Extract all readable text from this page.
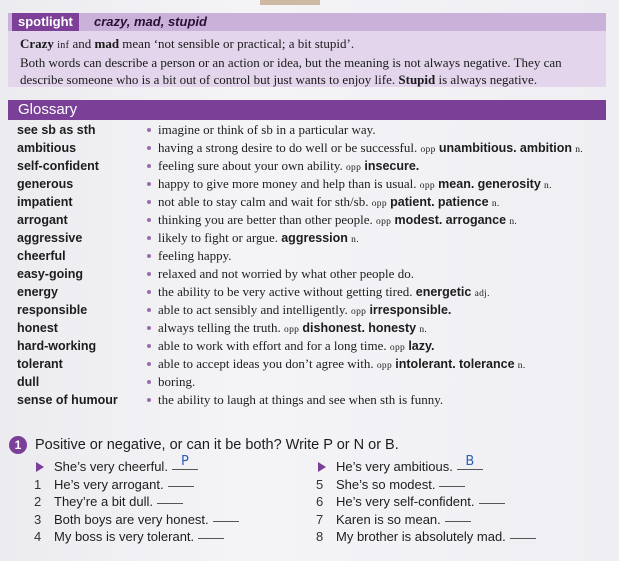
spotlight	crazy, mad, stupid
Crazy inf and mad mean ‘not sensible or practical; a bit stupid’.
Both words can describe a person or an action or idea, but the meaning is not always negative. They can
describe someone who is a bit out of control but just wants to enjoy life. Stupid is always negative.
Glossary
see sb as sth	imagine or think of sb in a particular way.
ambitious	having a strong desire to do well or be successful. opp unambitious. ambition n.
self-confident	feeling sure about your own ability. opp insecure.
generous	happy to give more money and help than is usual. opp mean. generosity n.
impatient	not able to stay calm and wait for sth/sb. opp patient. patience n.
arrogant	thinking you are better than other people. opp modest. arrogance n.
aggressive	likely to fight or argue. aggression n.
cheerful	feeling happy.
easy-going	relaxed and not worried by what other people do.
energy	the ability to be very active without getting tired. energetic adj.
responsible	able to act sensibly and intelligently. opp irresponsible.
honest	always telling the truth. opp dishonest. honesty n.
hard-working	able to work with effort and for a long time. opp lazy.
tolerant	able to accept ideas you don’t agree with. opp intolerant. tolerance n.
dull	boring.
sense of humour	the ability to laugh at things and see when sth is funny.
1 Positive or negative, or can it be both? Write P or N or B.
She’s very cheerful. P
1 He’s very arrogant.
2 They’re a bit dull.
3 Both boys are very honest.
4 My boss is very tolerant.
He’s very ambitious. B
5 She’s so modest.
6 He’s very self-confident.
7 Karen is so mean.
8 My brother is absolutely mad.
